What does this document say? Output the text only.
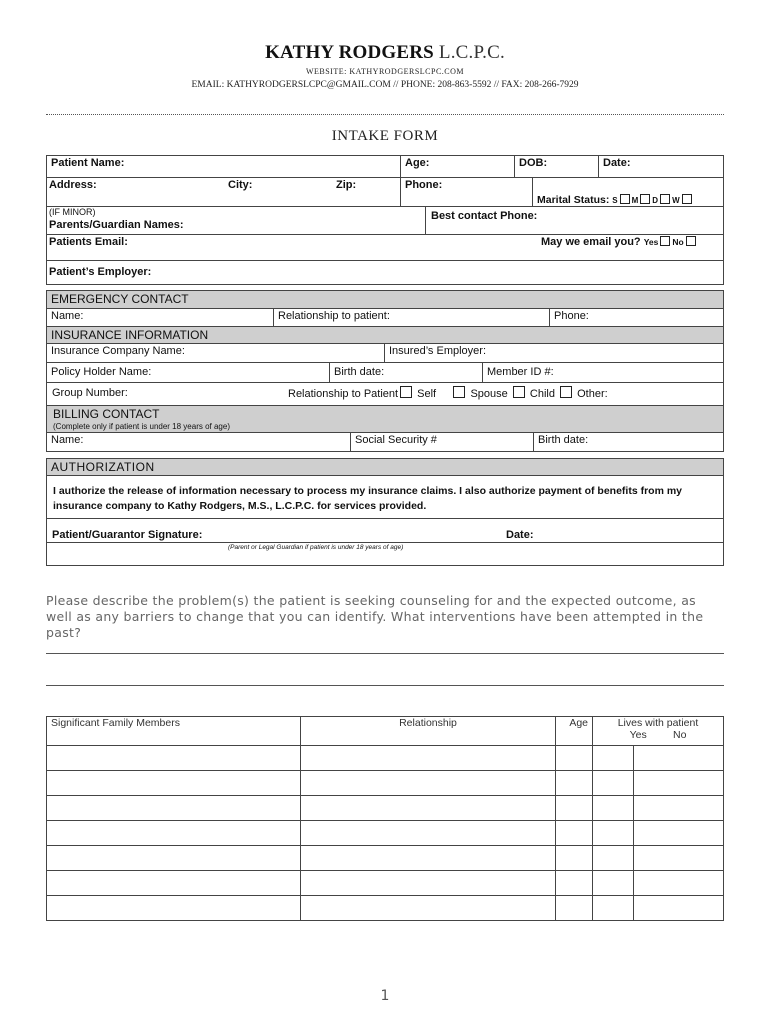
KATHY RODGERS L.C.P.C.
WEBSITE: KATHYRODGERSLCPC.COM
EMAIL: KATHYRODGERSLCPC@GMAIL.COM // PHONE: 208-863-5592 // FAX: 208-266-7929
INTAKE FORM
Patient Name:	Age:	DOB:	Date:
Address:	City:	Zip:	Phone:
Marital Status: S M D W
(IF MINOR)
Parents/Guardian Names:
Best contact Phone:
Patients Email:	May we email you? Yes No
Patient’s Employer:
EMERGENCY CONTACT
Name:	Relationship to patient:	Phone:
INSURANCE INFORMATION
Insurance Company Name:	Insured’s Employer:
Policy Holder Name:	Birth date:	Member ID #:
Group Number:	Relationship to Patient Self	Spouse Child Other:
BILLING CONTACT
(Complete only if patient is under 18 years of age)
Name:	Social Security #	Birth date:
AUTHORIZATION
I authorize the release of information necessary to process my insurance claims. I also authorize payment of benefits from my insurance company to Kathy Rodgers, M.S., L.C.P.C. for services provided.
Patient/Guarantor Signature:	Date:
(Parent or Legal Guardian if patient is under 18 years of age)
Please describe the problem(s) the patient is seeking counseling for and the expected outcome, as well as any barriers to change that you can identify. What interventions have been attempted in the past?
Significant Family Members	Relationship	Age	Lives with patient
Yes No	

1
